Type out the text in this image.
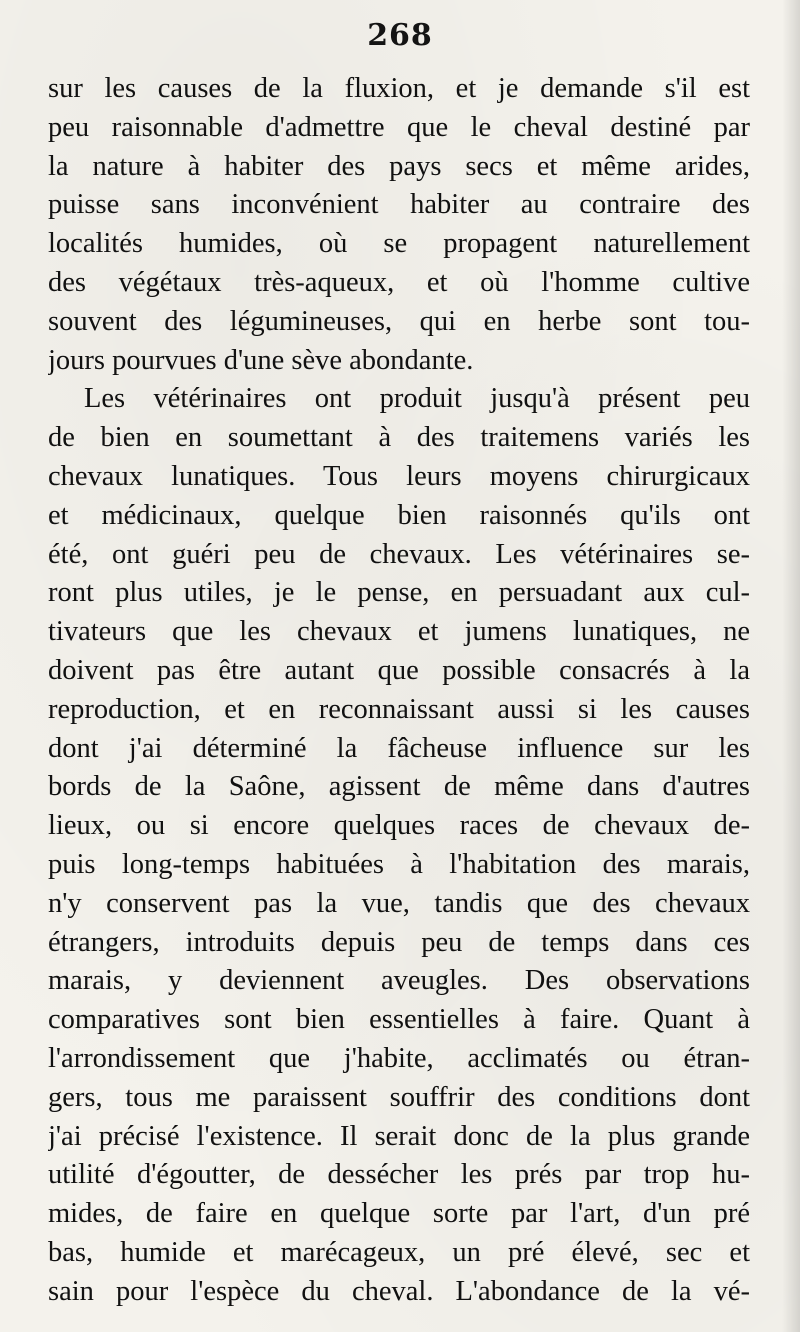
268
sur les causes de la fluxion, et je demande s'il est
peu raisonnable d'admettre que le cheval destiné par
la nature à habiter des pays secs et même arides,
puisse sans inconvénient habiter au contraire des
localités humides, où se propagent naturellement
des végétaux très-aqueux, et où l'homme cultive
souvent des légumineuses, qui en herbe sont tou-
jours pourvues d'une sève abondante.
Les vétérinaires ont produit jusqu'à présent peu
de bien en soumettant à des traitemens variés les
chevaux lunatiques. Tous leurs moyens chirurgicaux
et médicinaux, quelque bien raisonnés qu'ils ont
été, ont guéri peu de chevaux. Les vétérinaires se-
ront plus utiles, je le pense, en persuadant aux cul-
tivateurs que les chevaux et jumens lunatiques, ne
doivent pas être autant que possible consacrés à la
reproduction, et en reconnaissant aussi si les causes
dont j'ai déterminé la fâcheuse influence sur les
bords de la Saône, agissent de même dans d'autres
lieux, ou si encore quelques races de chevaux de-
puis long-temps habituées à l'habitation des marais,
n'y conservent pas la vue, tandis que des chevaux
étrangers, introduits depuis peu de temps dans ces
marais, y deviennent aveugles. Des observations
comparatives sont bien essentielles à faire. Quant à
l'arrondissement que j'habite, acclimatés ou étran-
gers, tous me paraissent souffrir des conditions dont
j'ai précisé l'existence. Il serait donc de la plus grande
utilité d'égoutter, de dessécher les prés par trop hu-
mides, de faire en quelque sorte par l'art, d'un pré
bas, humide et marécageux, un pré élevé, sec et
sain pour l'espèce du cheval. L'abondance de la vé-
